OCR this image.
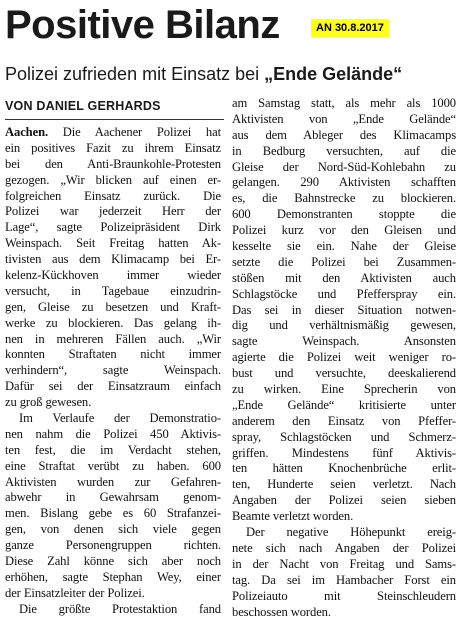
Positive Bilanz	AN 30.8.2017
Polizei zufrieden mit Einsatz bei „Ende Gelände“
VON DANIEL GERHARDS
Aachen. Die Aachener Polizei hat
ein positives Fazit zu ihrem Einsatz
bei den Anti-Braunkohle-Protesten
gezogen. „Wir blicken auf einen er-
folgreichen Einsatz zurück. Die
Polizei war jederzeit Herr der
Lage“, sagte Polizeipräsident Dirk
Weinspach. Seit Freitag hatten Ak-
tivisten aus dem Klimacamp bei Er-
kelenz-Kückhoven immer wieder
versucht, in Tagebaue einzudrin-
gen, Gleise zu besetzen und Kraft-
werke zu blockieren. Das gelang ih-
nen in mehreren Fällen auch. „Wir
konnten Straftaten nicht immer
verhindern“, sagte Weinspach.
Dafür sei der Einsatzraum einfach
zu groß gewesen.
Im Verlaufe der Demonstratio-
nen nahm die Polizei 450 Aktivis-
ten fest, die im Verdacht stehen,
eine Straftat verübt zu haben. 600
Aktivisten wurden zur Gefahren-
abwehr in Gewahrsam genom-
men. Bislang gebe es 60 Strafanzei-
gen, von denen sich viele gegen
ganze Personengruppen richten.
Diese Zahl könne sich aber noch
erhöhen, sagte Stephan Wey, einer
der Einsatzleiter der Polizei.
Die größte Protestaktion fand
am Samstag statt, als mehr als 1000
Aktivisten von „Ende Gelände“
aus dem Ableger des Klimacamps
in Bedburg versuchten, auf die
Gleise der Nord-Süd-Kohlebahn zu
gelangen. 290 Aktivisten schafften
es, die Bahnstrecke zu blockieren.
600 Demonstranten stoppte die
Polizei kurz vor den Gleisen und
kesselte sie ein. Nahe der Gleise
setzte die Polizei bei Zusammen-
stößen mit den Aktivisten auch
Schlagstöcke und Pfefferspray ein.
Das sei in dieser Situation notwen-
dig und verhältnismäßig gewesen,
sagte Weinspach. Ansonsten
agierte die Polizei weit weniger ro-
bust und versuchte, deeskalierend
zu wirken. Eine Sprecherin von
„Ende Gelände“ kritisierte unter
anderem den Einsatz von Pfeffer-
spray, Schlagstöcken und Schmerz-
griffen. Mindestens fünf Aktivis-
ten hätten Knochenbrüche erlit-
ten, Hunderte seien verletzt. Nach
Angaben der Polizei seien sieben
Beamte verletzt worden.
Der negative Höhepunkt ereig-
nete sich nach Angaben der Polizei
in der Nacht von Freitag und Sams-
tag. Da sei im Hambacher Forst ein
Polizeiauto mit Steinschleudern
beschossen worden.
